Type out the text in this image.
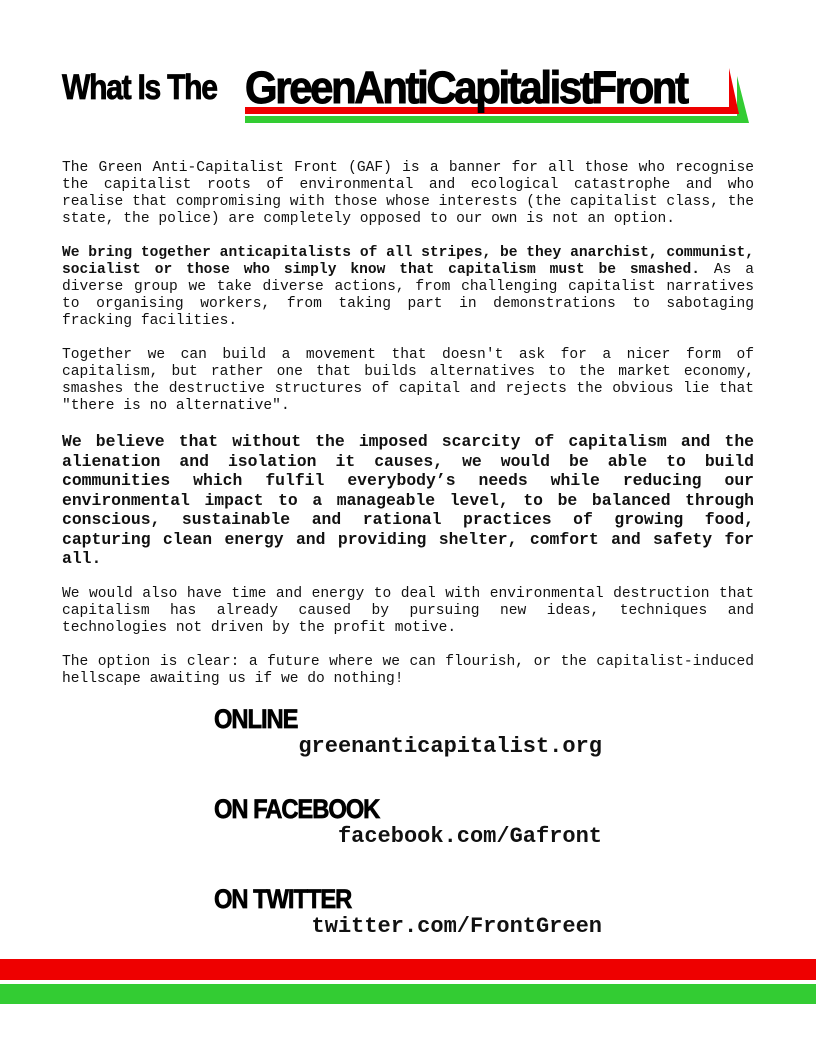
What Is The GreenAntiCapitalistFront

The Green Anti-Capitalist Front (GAF) is a banner for all those who recognise the capitalist roots of environmental and ecological catastrophe and who realise that compromising with those whose interests (the capitalist class, the state, the police) are completely opposed to our own is not an option.

We bring together anticapitalists of all stripes, be they anarchist, communist, socialist or those who simply know that capitalism must be smashed. As a diverse group we take diverse actions, from challenging capitalist narratives to organising workers, from taking part in demonstrations to sabotaging fracking facilities.

Together we can build a movement that doesn't ask for a nicer form of capitalism, but rather one that builds alternatives to the market economy, smashes the destructive structures of capital and rejects the obvious lie that "there is no alternative".

We believe that without the imposed scarcity of capitalism and the alienation and isolation it causes, we would be able to build communities which fulfil everybody’s needs while reducing our environmental impact to a manageable level, to be balanced through conscious, sustainable and rational practices of growing food, capturing clean energy and providing shelter, comfort and safety for all.

We would also have time and energy to deal with environmental destruction that capitalism has already caused by pursuing new ideas, techniques and technologies not driven by the profit motive.

The option is clear: a future where we can flourish, or the capitalist-induced hellscape awaiting us if we do nothing!

ONLINE
greenanticapitalist.org
ON FACEBOOK
facebook.com/Gafront
ON TWITTER
twitter.com/FrontGreen
